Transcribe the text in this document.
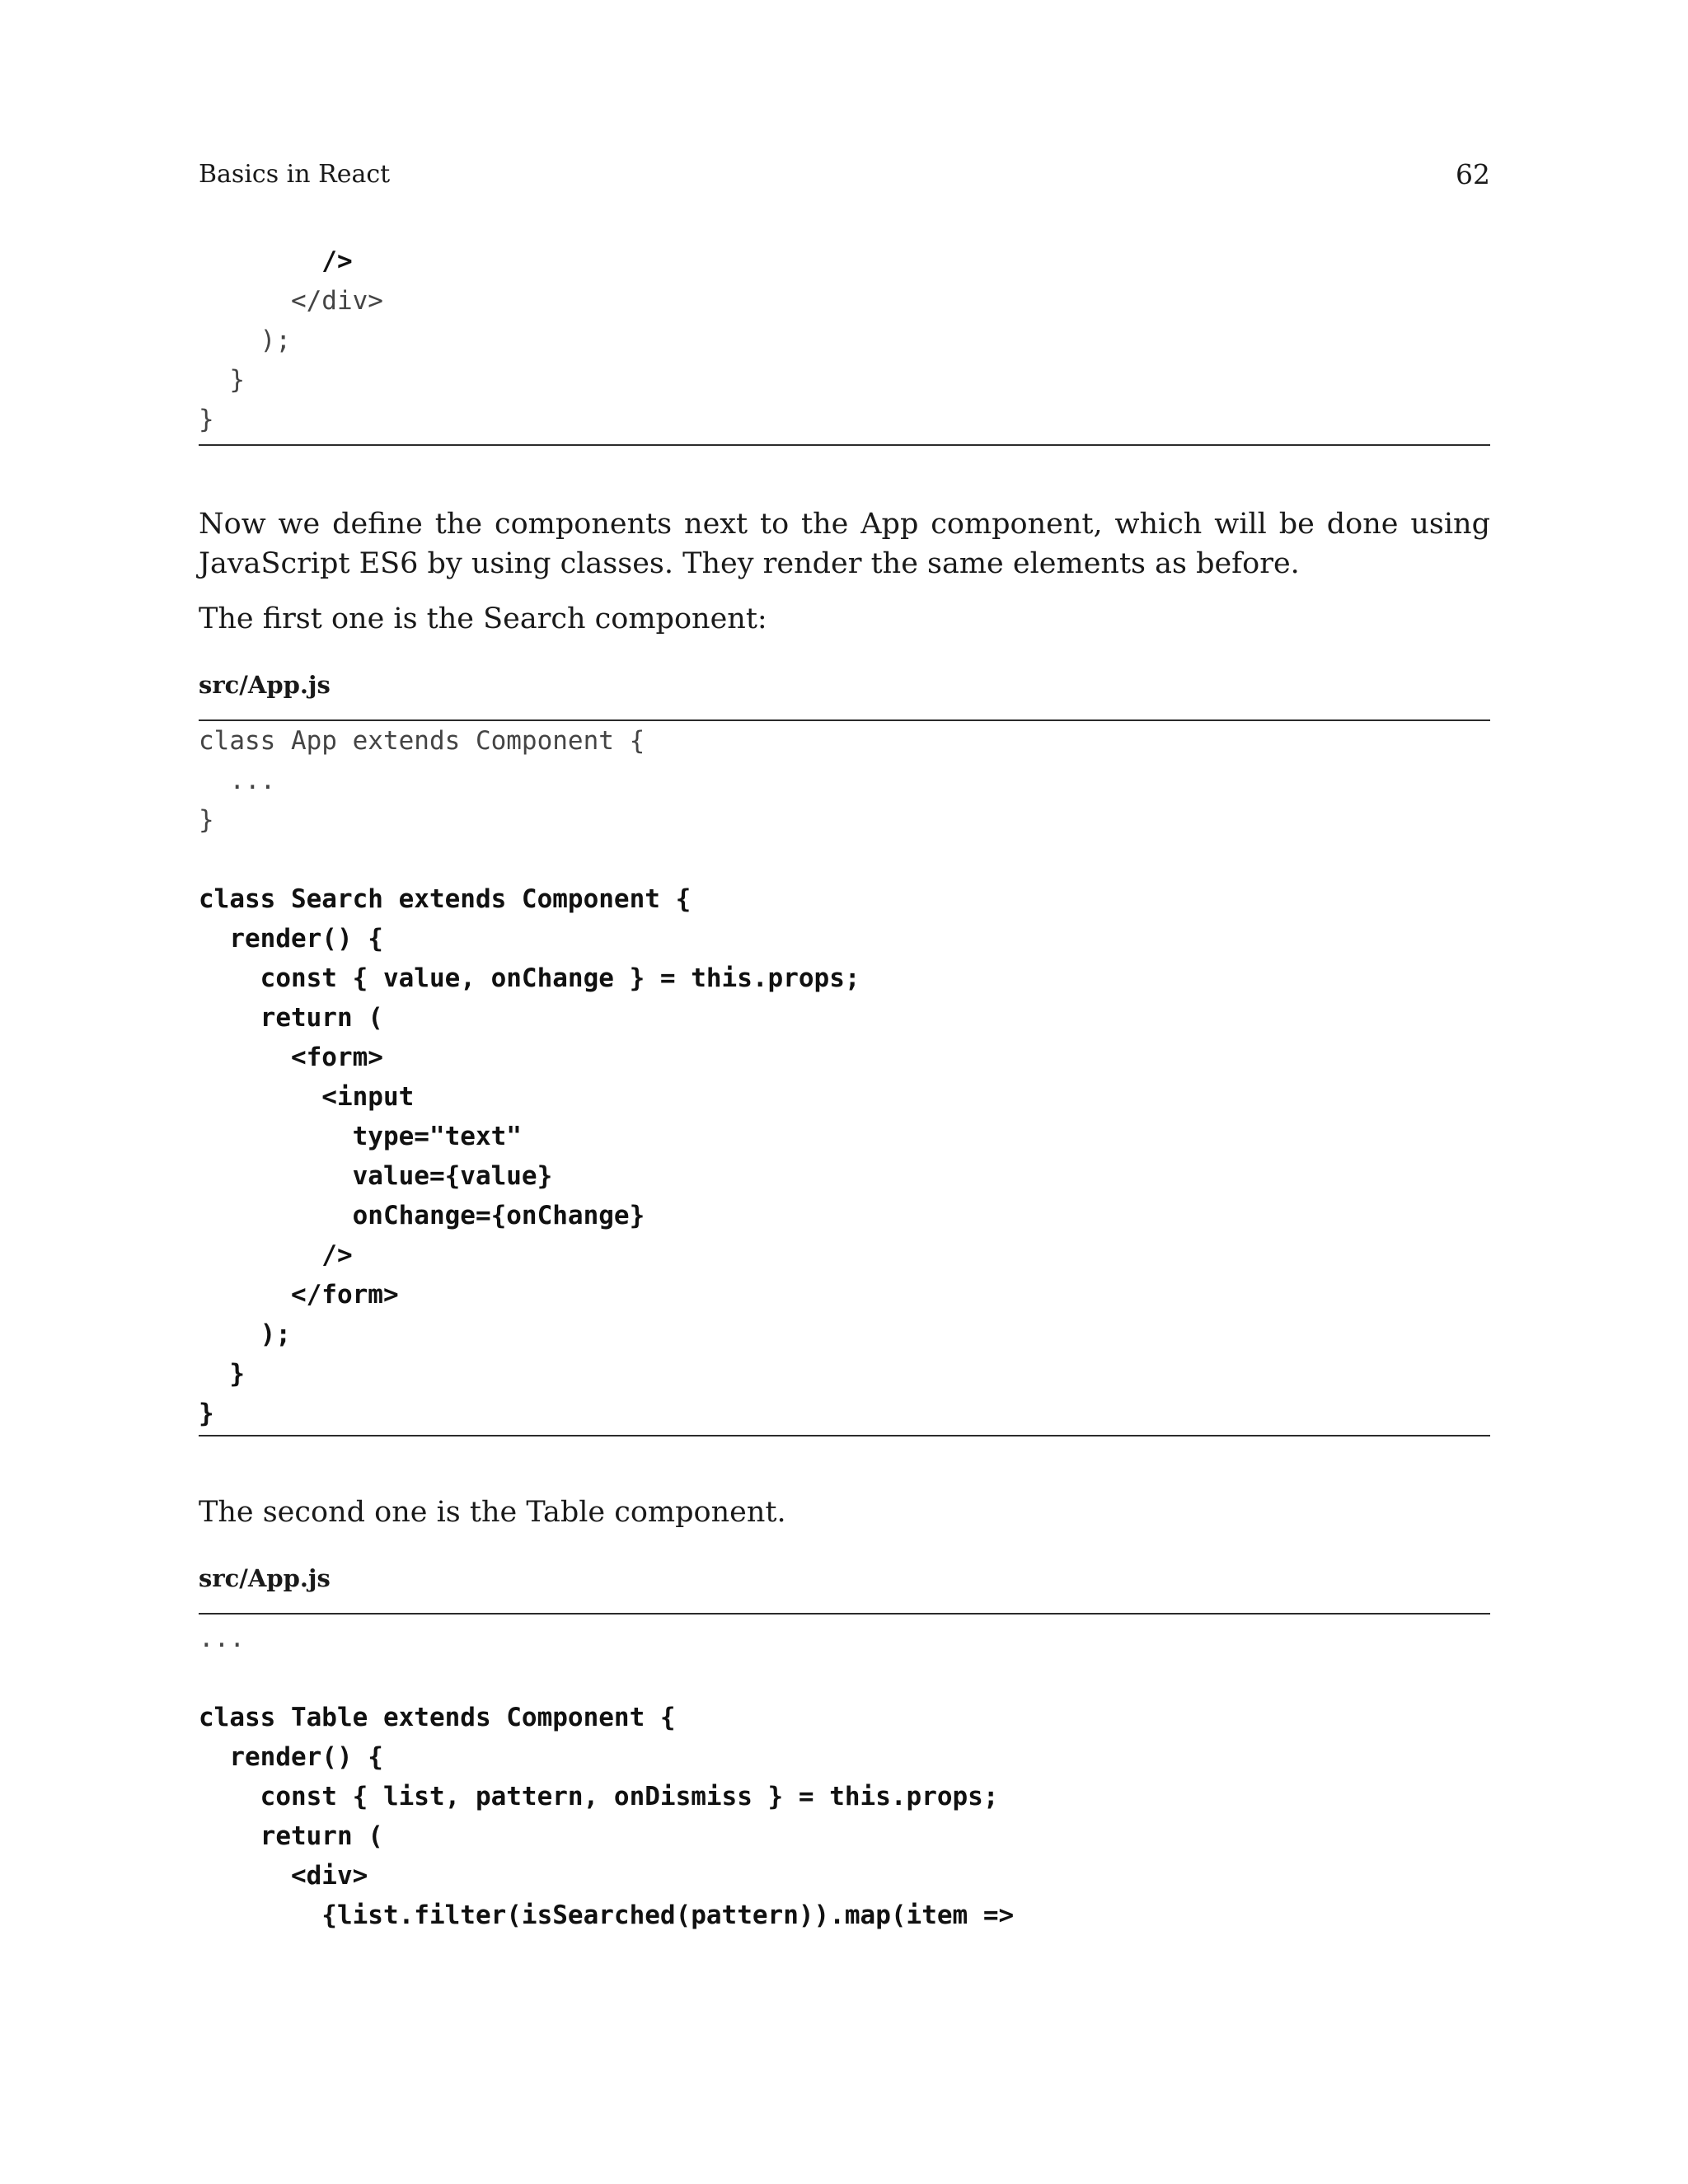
Basics in React	62
/>
</div>
);
}
}

Now we define the components next to the App component, which will be done using JavaScript ES6 by using classes. They render the same elements as before.

The first one is the Search component:

src/App.js

class App extends Component {
...
}
class Search extends Component {
render() {
const { value, onChange } = this.props;
return (
<form>
<input
type="text"
value={value}
onChange={onChange}
/>
</form>
);
}
}

The second one is the Table component.

src/App.js

...
class Table extends Component {
render() {
const { list, pattern, onDismiss } = this.props;
return (
<div>
{list.filter(isSearched(pattern)).map(item =>
